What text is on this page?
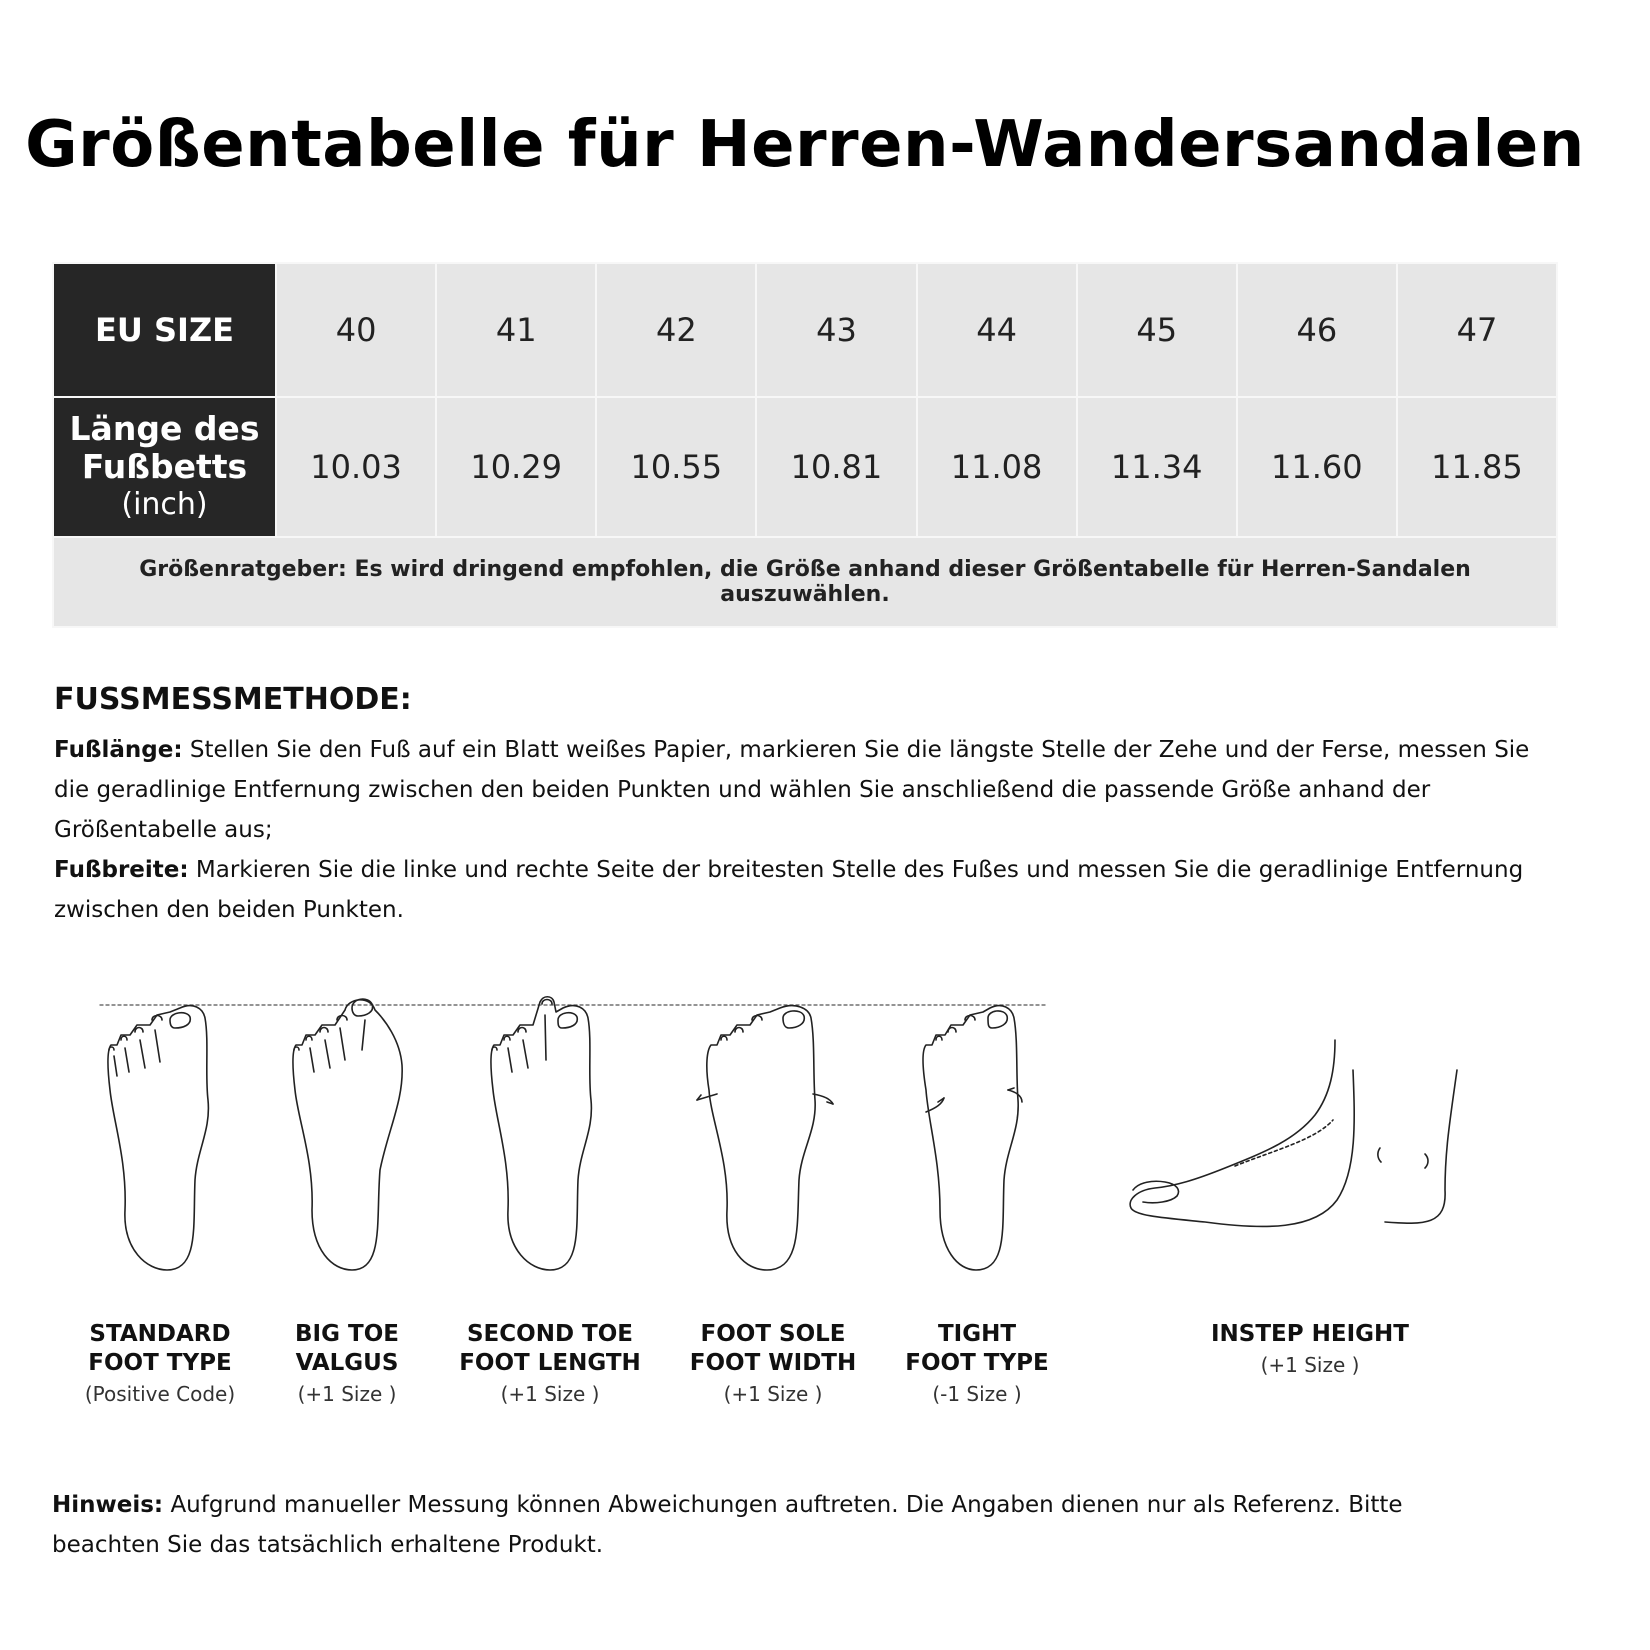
Größentabelle für Herren-Wandersandalen
EU SIZE	40	41	42	43	44	45	46	47
Länge des
Fußbetts
(inch)	10.03	10.29	10.55	10.81	11.08	11.34	11.60	11.85
Größenratgeber: Es wird dringend empfohlen, die Größe anhand dieser Größentabelle für Herren-Sandalen auszuwählen.								
FUSSMESSMETHODE:

Fußlänge: Stellen Sie den Fuß auf ein Blatt weißes Papier, markieren Sie die längste Stelle der Zehe und der Ferse, messen Sie die geradlinige Entfernung zwischen den beiden Punkten und wählen Sie anschließend die passende Größe anhand der Größentabelle aus;

Fußbreite: Markieren Sie die linke und rechte Seite der breitesten Stelle des Fußes und messen Sie die geradlinige Entfernung zwischen den beiden Punkten.

STANDARD
FOOT TYPE
(Positive Code)
BIG TOE
VALGUS
(+1 Size )
SECOND TOE
FOOT LENGTH
(+1 Size )
FOOT SOLE
FOOT WIDTH
(+1 Size )
TIGHT
FOOT TYPE
(-1 Size )
INSTEP HEIGHT
(+1 Size )
Hinweis: Aufgrund manueller Messung können Abweichungen auftreten. Die Angaben dienen nur als Referenz. Bitte beachten Sie das tatsächlich erhaltene Produkt.
